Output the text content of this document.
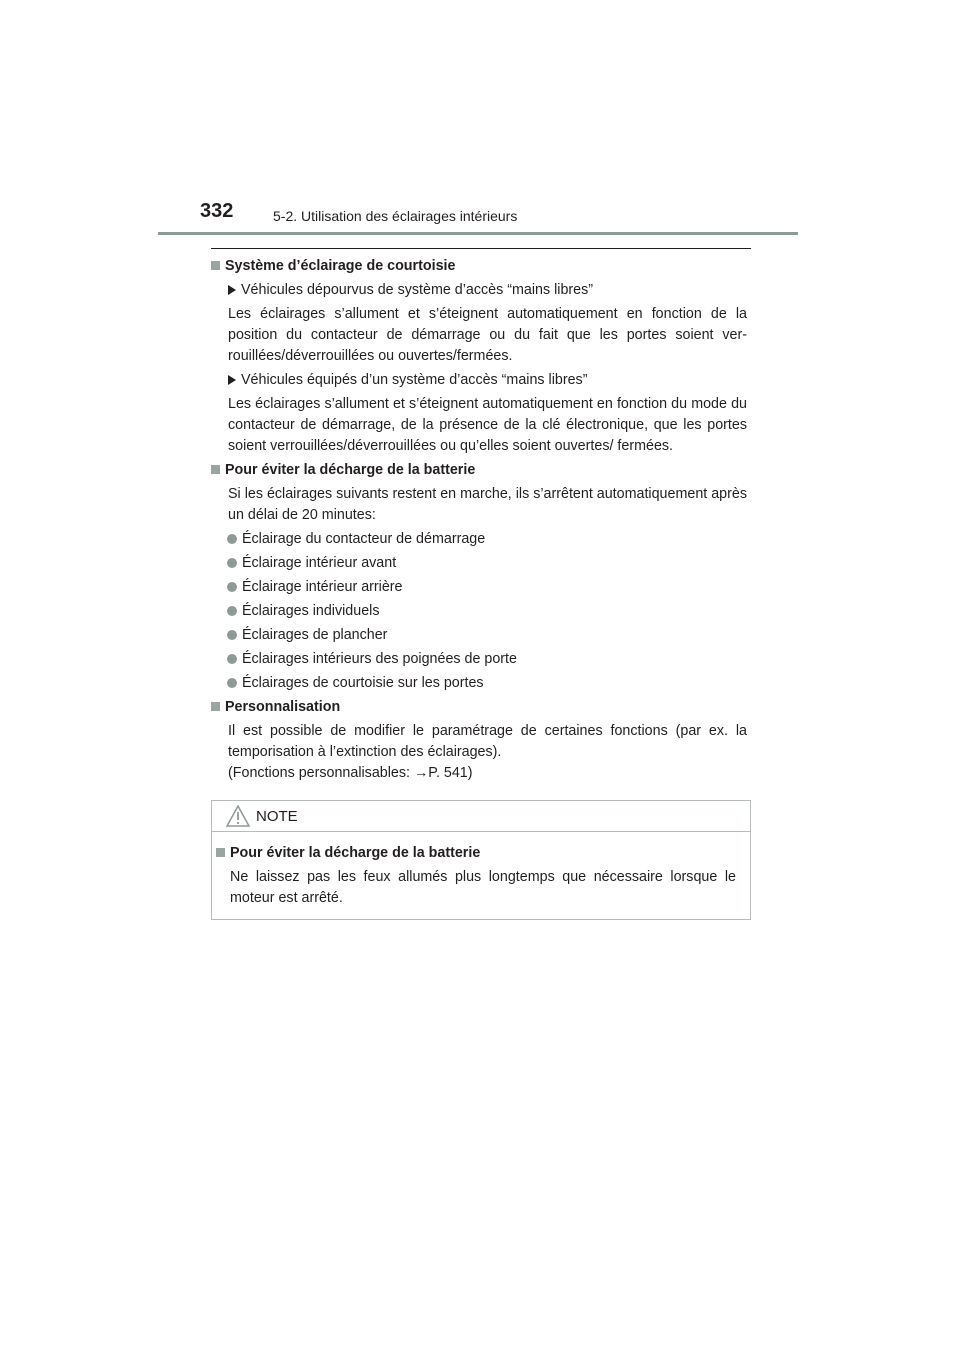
332	5-2. Utilisation des éclairages intérieurs
Système d’éclairage de courtoisie
Véhicules dépourvus de système d’accès “mains libres”
Les éclairages s’allument et s’éteignent automatiquement en fonction de la position du contacteur de démarrage ou du fait que les portes soient ver-rouillées/déverrouillées ou ouvertes/fermées.
Véhicules équipés d’un système d’accès “mains libres”
Les éclairages s’allument et s’éteignent automatiquement en fonction du mode du contacteur de démarrage, de la présence de la clé électronique, que les portes soient verrouillées/déverrouillées ou qu’elles soient ouvertes/ fermées.
Pour éviter la décharge de la batterie
Si les éclairages suivants restent en marche, ils s’arrêtent automatiquement après un délai de 20 minutes:
Éclairage du contacteur de démarrage
Éclairage intérieur avant
Éclairage intérieur arrière
Éclairages individuels
Éclairages de plancher
Éclairages intérieurs des poignées de porte
Éclairages de courtoisie sur les portes
Personnalisation
Il est possible de modifier le paramétrage de certaines fonctions (par ex. la temporisation à l’extinction des éclairages).
(Fonctions personnalisables: →P. 541)
NOTE
Pour éviter la décharge de la batterie
Ne laissez pas les feux allumés plus longtemps que nécessaire lorsque le moteur est arrêté.
